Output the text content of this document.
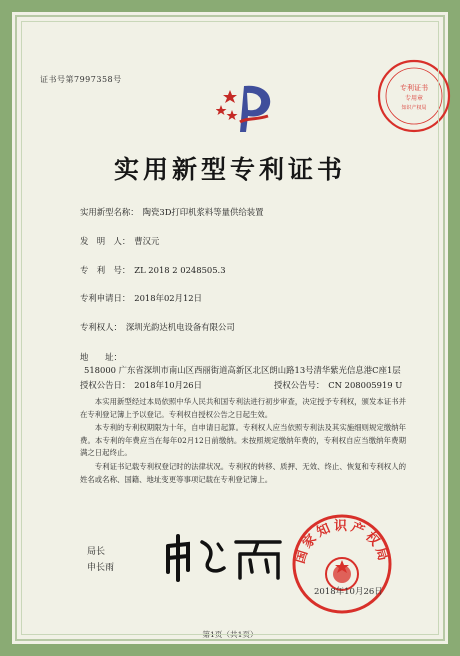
证书号第7997358号
专利证书
专用章
知识产权局
实用新型专利证书
实用新型名称： 陶瓷3D打印机浆料等量供给装置
发　明　人： 曹汉元
专　利　号： ZL 2018 2 0248505.3
专利申请日： 2018年02月12日
专利权人： 深圳光韵达机电设备有限公司
地　　址：518000 广东省深圳市南山区西丽街道高新区北区朗山路13号清华紫光信息港C座1层
授权公告日： 2018年10月26日	授权公告号： CN 208005919 U

本实用新型经过本局依照中华人民共和国专利法进行初步审查，决定授予专利权，颁发本证书并在专利登记簿上予以登记。专利权自授权公告之日起生效。

本专利的专利权期限为十年，自申请日起算。专利权人应当依照专利法及其实施细则规定缴纳年费。本专利的年费应当在每年02月12日前缴纳。未按照规定缴纳年费的，专利权自应当缴纳年费期满之日起终止。

专利证书记载专利权登记时的法律状况。专利权的转移、质押、无效、终止、恢复和专利权人的姓名或名称、国籍、地址变更等事项记载在专利登记簿上。

局长
申长雨
国家知识产权局
2018年10月26日
第1页（共1页）
